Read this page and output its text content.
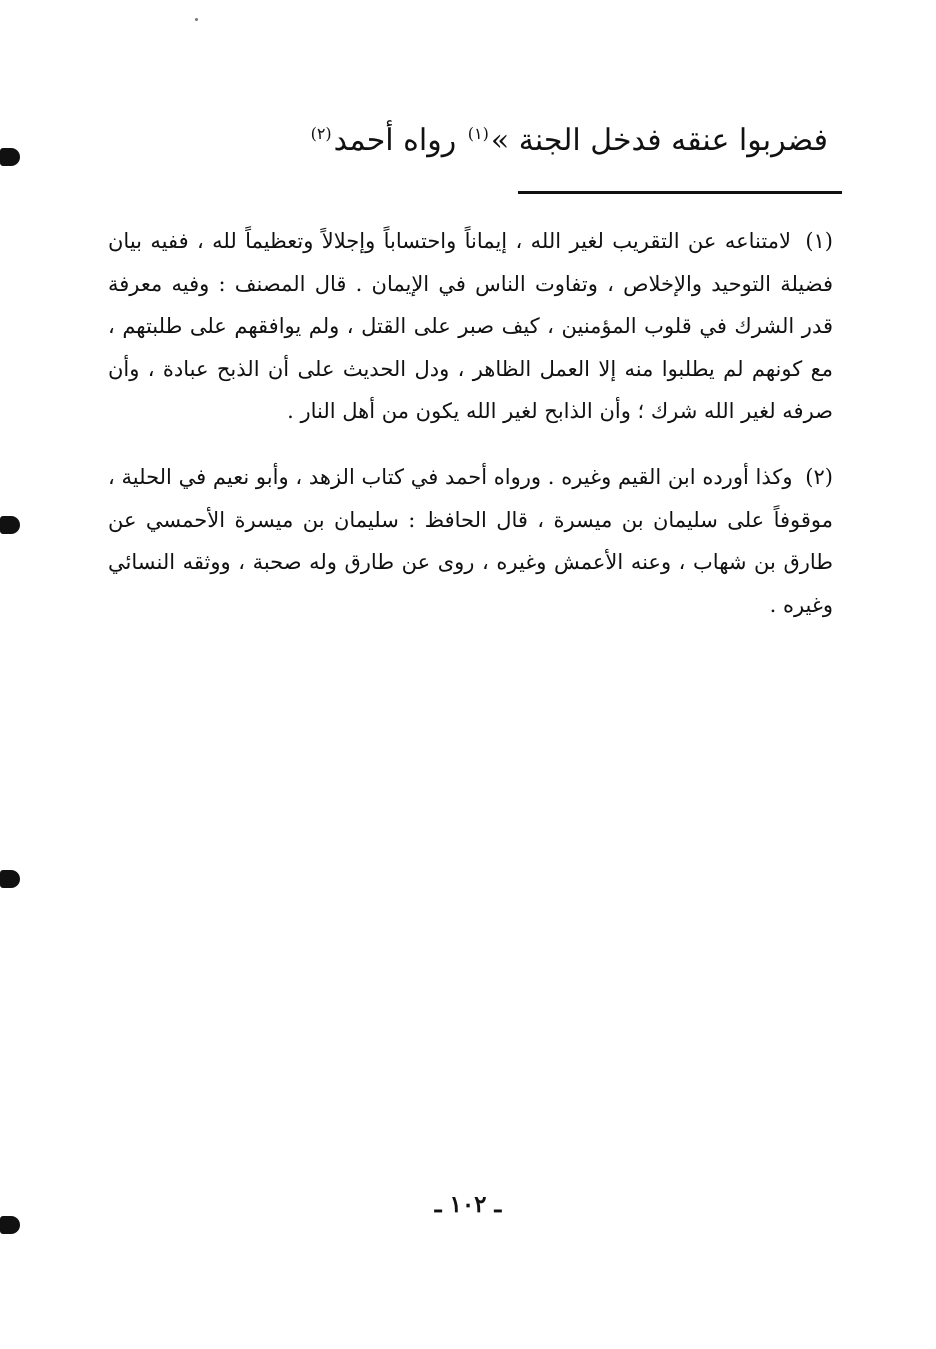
فضربوا عنقه فدخل الجنة »$^{(١)}$ رواه أحمد$^{(٢)}$
(١) لامتناعه عن التقريب لغير الله ، إيماناً واحتساباً وإجلالاً وتعظيماً لله ، ففيه بيان فضيلة التوحيد والإخلاص ، وتفاوت الناس في الإيمان . قال المصنف : وفيه معرفة قدر الشرك في قلوب المؤمنين ، كيف صبر على القتل ، ولم يوافقهم على طلبتهم ، مع كونهم لم يطلبوا منه إلا العمل الظاهر ، ودل الحديث على أن الذبح عبادة ، وأن صرفه لغير الله شرك ؛ وأن الذابح لغير الله يكون من أهل النار .
(٢) وكذا أورده ابن القيم وغيره . ورواه أحمد في كتاب الزهد ، وأبو نعيم في الحلية ، موقوفاً على سليمان بن ميسرة ، قال الحافظ : سليمان بن ميسرة الأحمسي عن طارق بن شهاب ، وعنه الأعمش وغيره ، روى عن طارق وله صحبة ، ووثقه النسائي وغيره .
ـ ١٠٢ ـ
